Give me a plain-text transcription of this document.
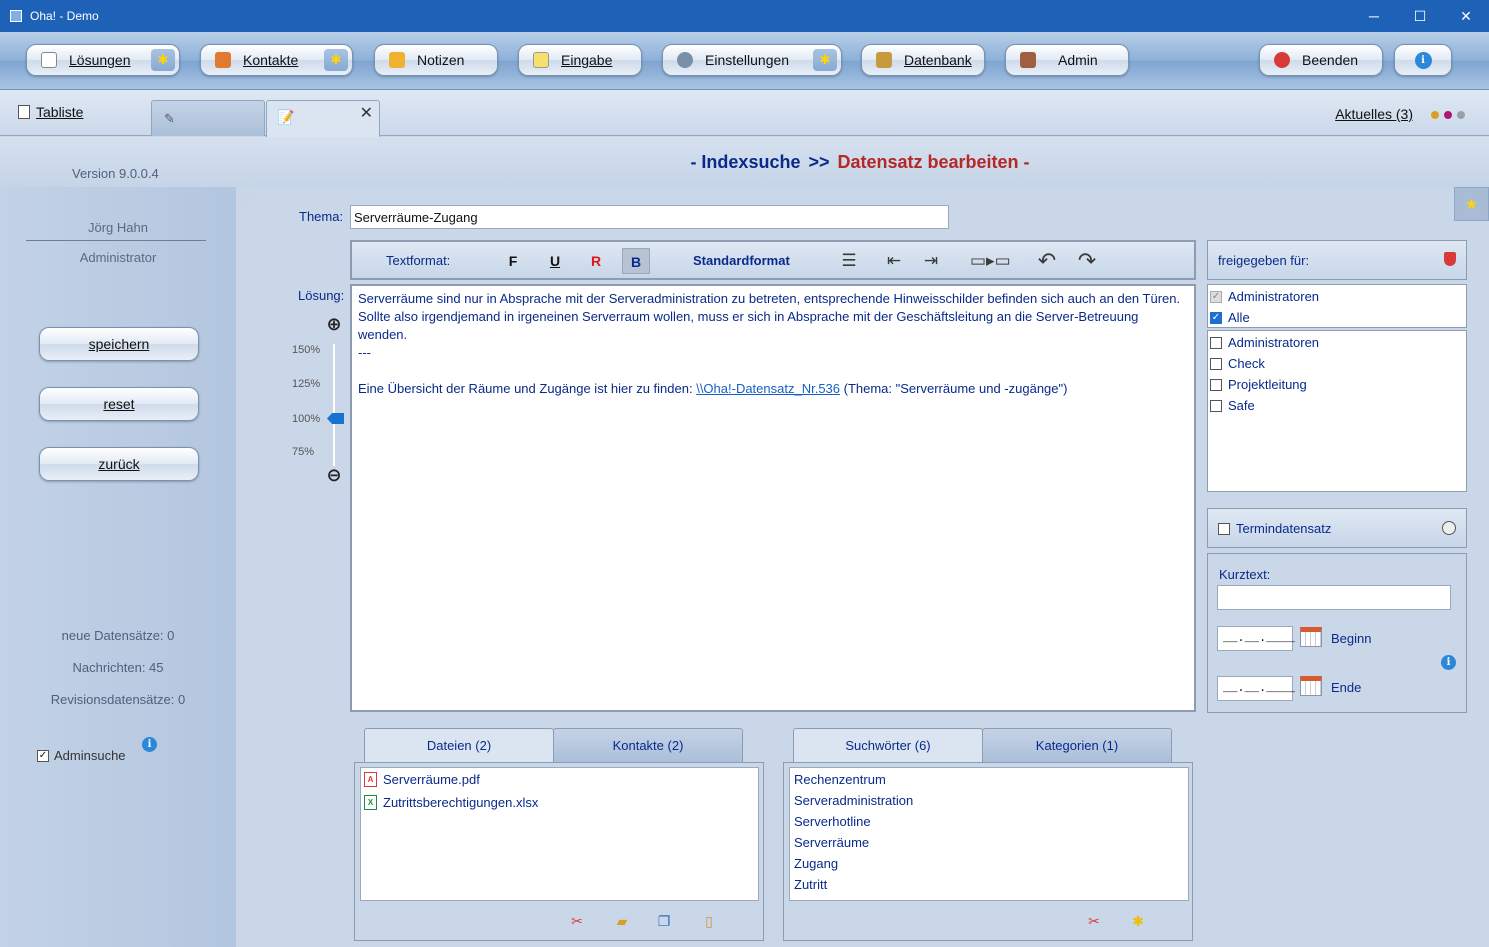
Oha! - Demo	─	☐	✕
Lösungen	✱	Kontakte	✱	Notizen	Eingabe	Einstellungen	✱	Datenbank	Admin	Beenden	i
Tabliste	✎	📝	✕	Aktuelles (3)
Version 9.0.0.4
- Indexsuche >> Datensatz bearbeiten -
Jörg Hahn
Administrator
speichern
reset
zurück
neue Datensätze: 0
Nachrichten: 45
Revisionsdatensätze: 0
✓ Adminsuche
i
★
Thema:
Serverräume-Zugang
Textformat:	F	U	R	B	Standardformat	☰ ⇤ ⇥ ▭▸▭ ↶ ↷
Lösung:
⊕
150%
125%
100%
75%
⊖

Serverräume sind nur in Absprache mit der Serveradministration zu betreten, entsprechende Hinweisschilder befinden sich auch an den Türen. Sollte also irgendjemand in irgeneinen Serverraum wollen, muss er sich in Absprache mit der Geschäftsleitung an die Server-Betreuung wenden.

---

Eine Übersicht der Räume und Zugänge ist hier zu finden: \\Oha!-Datensatz_Nr.536 (Thema: "Serverräume und -zugänge")

freigegeben für:
✓ Administratoren
✓ Alle
Administratoren
Check
Projektleitung
Safe
Termindatensatz
Kurztext:
__.__.____	Beginn
__.__.____	Ende
i
Dateien (2)	Kontakte (2)
A Serverräume.pdf
X Zutrittsberechtigungen.xlsx
✂ ▰ ❐ ▯
Suchwörter (6)	Kategorien (1)
Rechenzentrum
Serveradministration
Serverhotline
Serverräume
Zugang
Zutritt
✂ ✱
